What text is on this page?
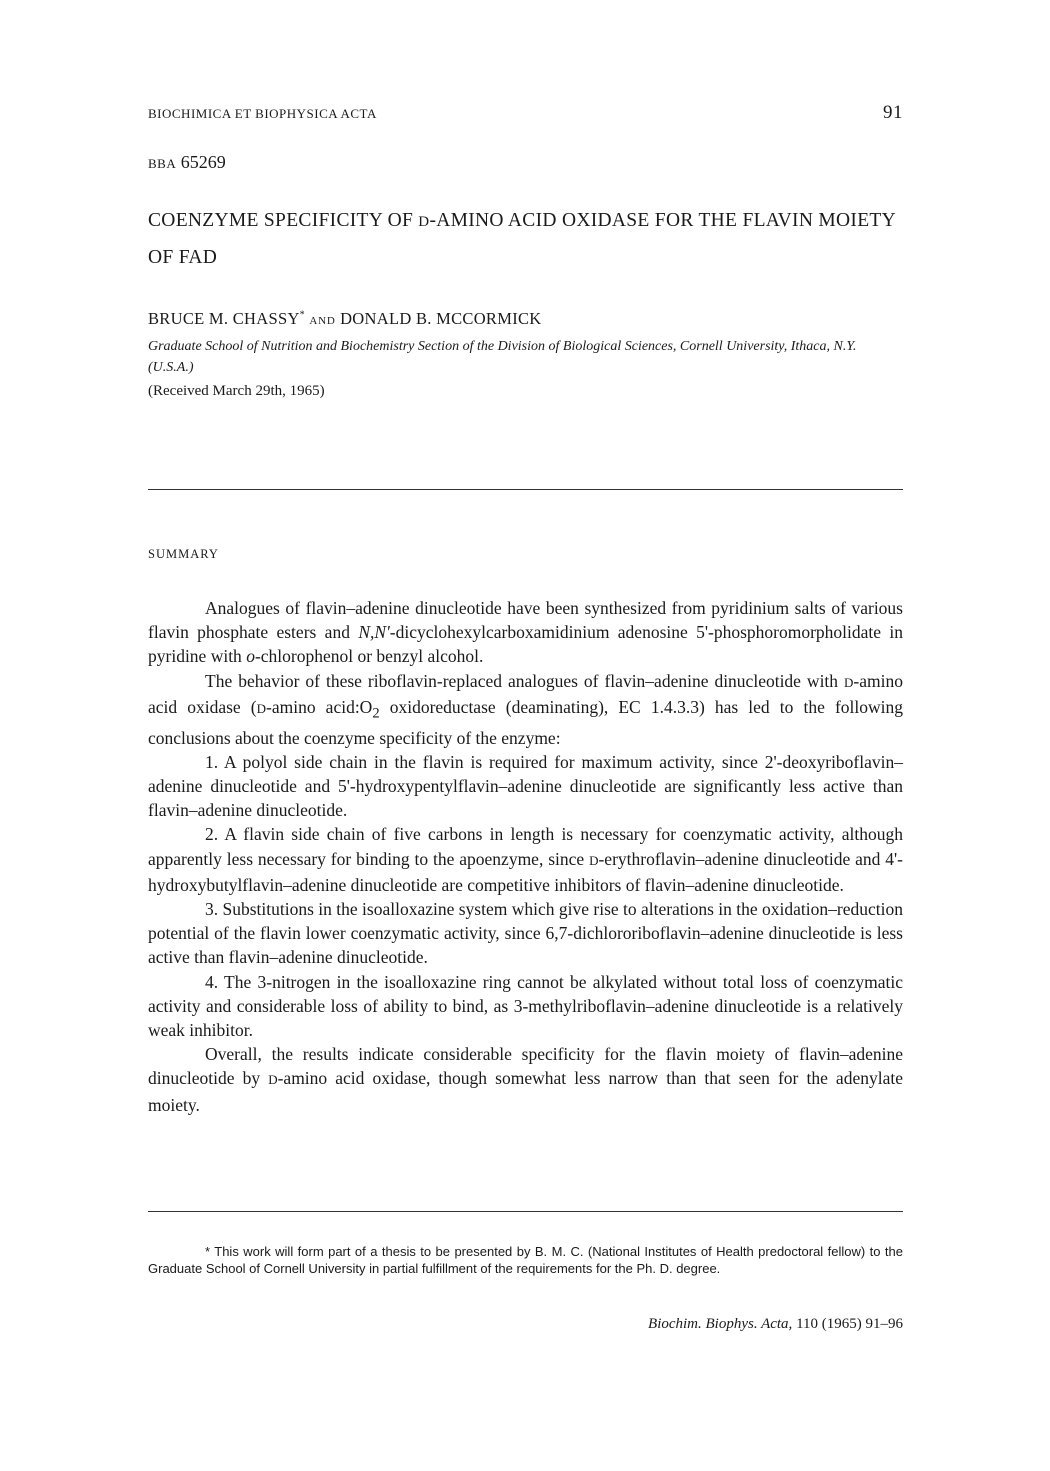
BIOCHIMICA ET BIOPHYSICA ACTA	91
BBA 65269
COENZYME SPECIFICITY OF D-AMINO ACID OXIDASE FOR THE FLAVIN MOIETY OF FAD
BRUCE M. CHASSY* AND DONALD B. MCCORMICK
Graduate School of Nutrition and Biochemistry Section of the Division of Biological Sciences, Cornell University, Ithaca, N.Y. (U.S.A.)
(Received March 29th, 1965)
SUMMARY

Analogues of flavin–adenine dinucleotide have been synthesized from pyridinium salts of various flavin phosphate esters and N,N'-dicyclohexylcarboxamidinium adenosine 5'-phosphoromorpholidate in pyridine with o-chlorophenol or benzyl alcohol.

The behavior of these riboflavin-replaced analogues of flavin–adenine dinucleotide with D-amino acid oxidase (D-amino $acid:O_2$ oxidoreductase (deaminating), EC 1.4.3.3) has led to the following conclusions about the coenzyme specificity of the enzyme:

1. A polyol side chain in the flavin is required for maximum activity, since 2'-deoxyriboflavin–adenine dinucleotide and 5'-hydroxypentylflavin–adenine dinucleotide are significantly less active than flavin–adenine dinucleotide.

2. A flavin side chain of five carbons in length is necessary for coenzymatic activity, although apparently less necessary for binding to the apoenzyme, since D-erythroflavin–adenine dinucleotide and 4'-hydroxybutylflavin–adenine dinucleotide are competitive inhibitors of flavin–adenine dinucleotide.

3. Substitutions in the isoalloxazine system which give rise to alterations in the oxidation–reduction potential of the flavin lower coenzymatic activity, since 6,7-dichlororiboflavin–adenine dinucleotide is less active than flavin–adenine dinucleotide.

4. The 3-nitrogen in the isoalloxazine ring cannot be alkylated without total loss of coenzymatic activity and considerable loss of ability to bind, as 3-methylriboflavin–adenine dinucleotide is a relatively weak inhibitor.

Overall, the results indicate considerable specificity for the flavin moiety of flavin–adenine dinucleotide by D-amino acid oxidase, though somewhat less narrow than that seen for the adenylate moiety.

* This work will form part of a thesis to be presented by B. M. C. (National Institutes of Health predoctoral fellow) to the Graduate School of Cornell University in partial fulfillment of the requirements for the Ph. D. degree.

Biochim. Biophys. Acta, 110 (1965) 91–96
